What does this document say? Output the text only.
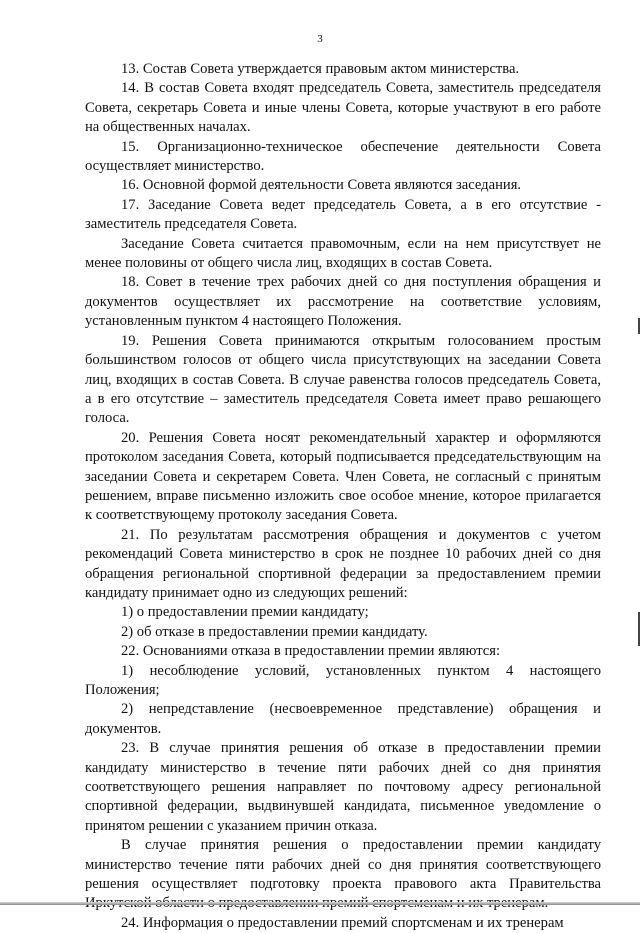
3

13. Состав Совета утверждается правовым актом министерства.

14. В состав Совета входят председатель Совета, заместитель председателя Совета, секретарь Совета и иные члены Совета, которые участвуют в его работе на общественных началах.

15. Организационно-техническое обеспечение деятельности Совета осуществляет министерство.

16. Основной формой деятельности Совета являются заседания.

17. Заседание Совета ведет председатель Совета, а в его отсутствие - заместитель председателя Совета.

Заседание Совета считается правомочным, если на нем присутствует не менее половины от общего числа лиц, входящих в состав Совета.

18. Совет в течение трех рабочих дней со дня поступления обращения и документов осуществляет их рассмотрение на соответствие условиям, установленным пунктом 4 настоящего Положения.

19. Решения Совета принимаются открытым голосованием простым большинством голосов от общего числа присутствующих на заседании Совета лиц, входящих в состав Совета. В случае равенства голосов председатель Совета, а в его отсутствие – заместитель председателя Совета имеет право решающего голоса.

20. Решения Совета носят рекомендательный характер и оформляются протоколом заседания Совета, который подписывается председательствующим на заседании Совета и секретарем Совета. Член Совета, не согласный с принятым решением, вправе письменно изложить свое особое мнение, которое прилагается к соответствующему протоколу заседания Совета.

21. По результатам рассмотрения обращения и документов с учетом рекомендаций Совета министерство в срок не позднее 10 рабочих дней со дня обращения региональной спортивной федерации за предоставлением премии кандидату принимает одно из следующих решений:

1) о предоставлении премии кандидату;

2) об отказе в предоставлении премии кандидату.

22. Основаниями отказа в предоставлении премии являются:

1) несоблюдение условий, установленных пунктом 4 настоящего Положения;

2) непредставление (несвоевременное представление) обращения и документов.

23. В случае принятия решения об отказе в предоставлении премии кандидату министерство в течение пяти рабочих дней со дня принятия соответствующего решения направляет по почтовому адресу региональной спортивной федерации, выдвинувшей кандидата, письменное уведомление о принятом решении с указанием причин отказа.

В случае принятия решения о предоставлении премии кандидату министерство течение пяти рабочих дней со дня принятия соответствующего решения осуществляет подготовку проекта правового акта Правительства

24. Информация о предоставлении премий спортсменам и их тренерам
